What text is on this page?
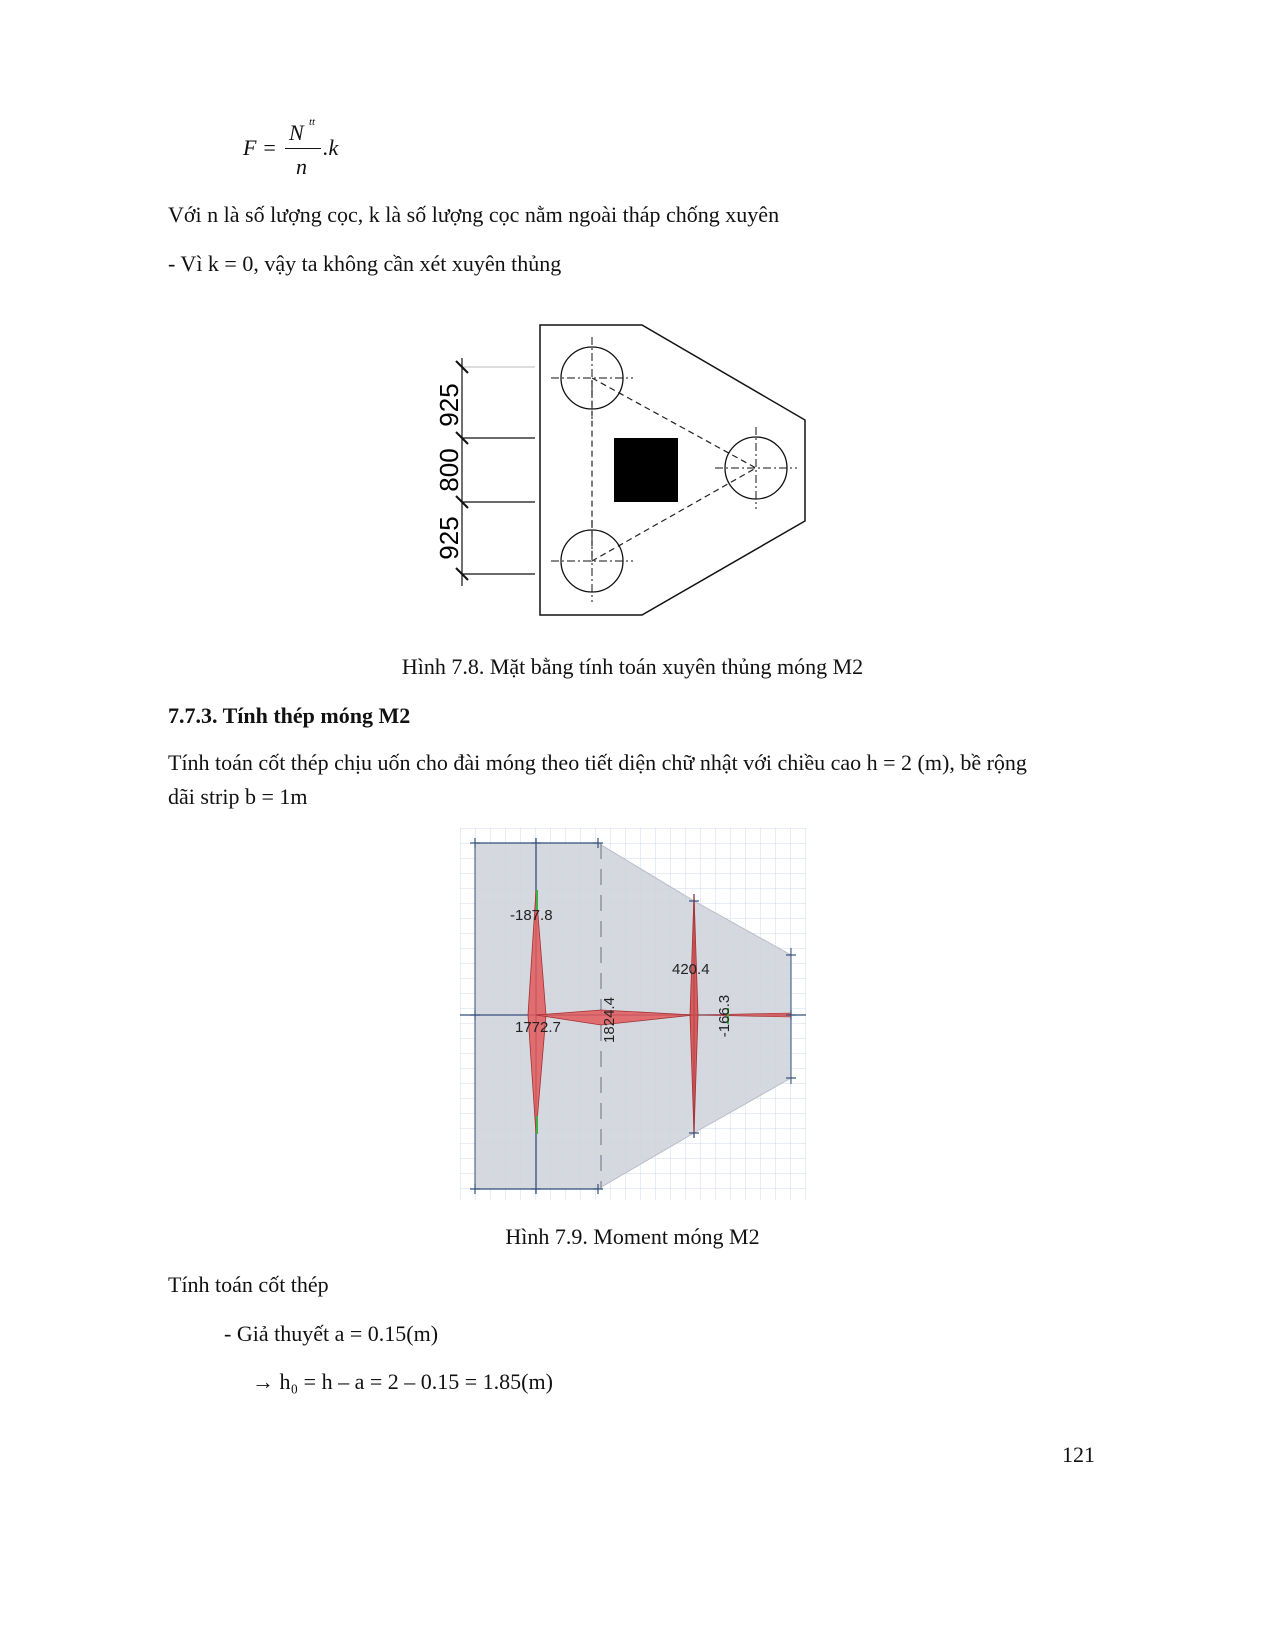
F =
N tt
n
.k
Với n là số lượng cọc, k là số lượng cọc nằm ngoài tháp chống xuyên
- Vì k = 0, vậy ta không cần xét xuyên thủng
925
800
925
Hình 7.8. Mặt bằng tính toán xuyên thủng móng M2
7.7.3. Tính thép móng M2
Tính toán cốt thép chịu uốn cho đài móng theo tiết diện chữ nhật với chiều cao h = 2 (m), bề rộng
dãi strip b = 1m
-187.8
1772.7	1824.4
420.4
-166.3
Hình 7.9. Moment móng M2
Tính toán cốt thép
- Giả thuyết a = 0.15(m)
→ h₀ = h – a = 2 – 0.15 = 1.85(m)
121
